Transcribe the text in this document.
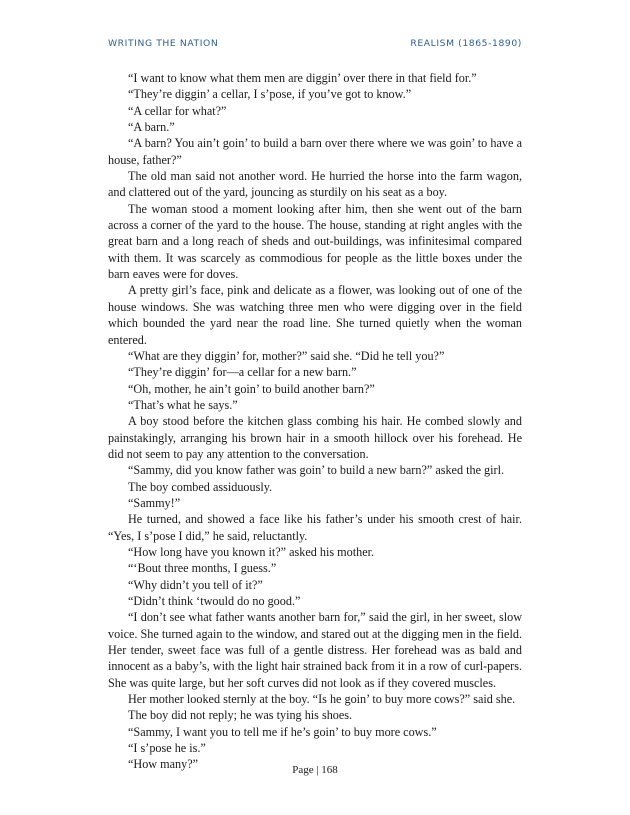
WRITING THE NATION	REALISM (1865-1890)

“I want to know what them men are diggin’ over there in that field for.”

“They’re diggin’ a cellar, I s’pose, if you’ve got to know.”

“A cellar for what?”

“A barn.”

“A barn? You ain’t goin’ to build a barn over there where we was goin’ to have a house, father?”

The old man said not another word. He hurried the horse into the farm wagon, and clattered out of the yard, jouncing as sturdily on his seat as a boy.

The woman stood a moment looking after him, then she went out of the barn across a corner of the yard to the house. The house, standing at right angles with the great barn and a long reach of sheds and out-buildings, was infinitesimal compared with them. It was scarcely as commodious for people as the little boxes under the barn eaves were for doves.

A pretty girl’s face, pink and delicate as a flower, was looking out of one of the house windows. She was watching three men who were digging over in the field which bounded the yard near the road line. She turned quietly when the woman entered.

“What are they diggin’ for, mother?” said she. “Did he tell you?”

“They’re diggin’ for—a cellar for a new barn.”

“Oh, mother, he ain’t goin’ to build another barn?”

“That’s what he says.”

A boy stood before the kitchen glass combing his hair. He combed slowly and painstakingly, arranging his brown hair in a smooth hillock over his forehead. He did not seem to pay any attention to the conversation.

“Sammy, did you know father was goin’ to build a new barn?” asked the girl.

The boy combed assiduously.

“Sammy!”

He turned, and showed a face like his father’s under his smooth crest of hair. “Yes, I s’pose I did,” he said, reluctantly.

“How long have you known it?” asked his mother.

“‘Bout three months, I guess.”

“Why didn’t you tell of it?”

“Didn’t think ‘twould do no good.”

“I don’t see what father wants another barn for,” said the girl, in her sweet, slow voice. She turned again to the window, and stared out at the digging men in the field. Her tender, sweet face was full of a gentle distress. Her forehead was as bald and innocent as a baby’s, with the light hair strained back from it in a row of curl-papers. She was quite large, but her soft curves did not look as if they covered muscles.

Her mother looked sternly at the boy. “Is he goin’ to buy more cows?” said she.

The boy did not reply; he was tying his shoes.

“Sammy, I want you to tell me if he’s goin’ to buy more cows.”

“I s’pose he is.”

“How many?”	Page | 168
